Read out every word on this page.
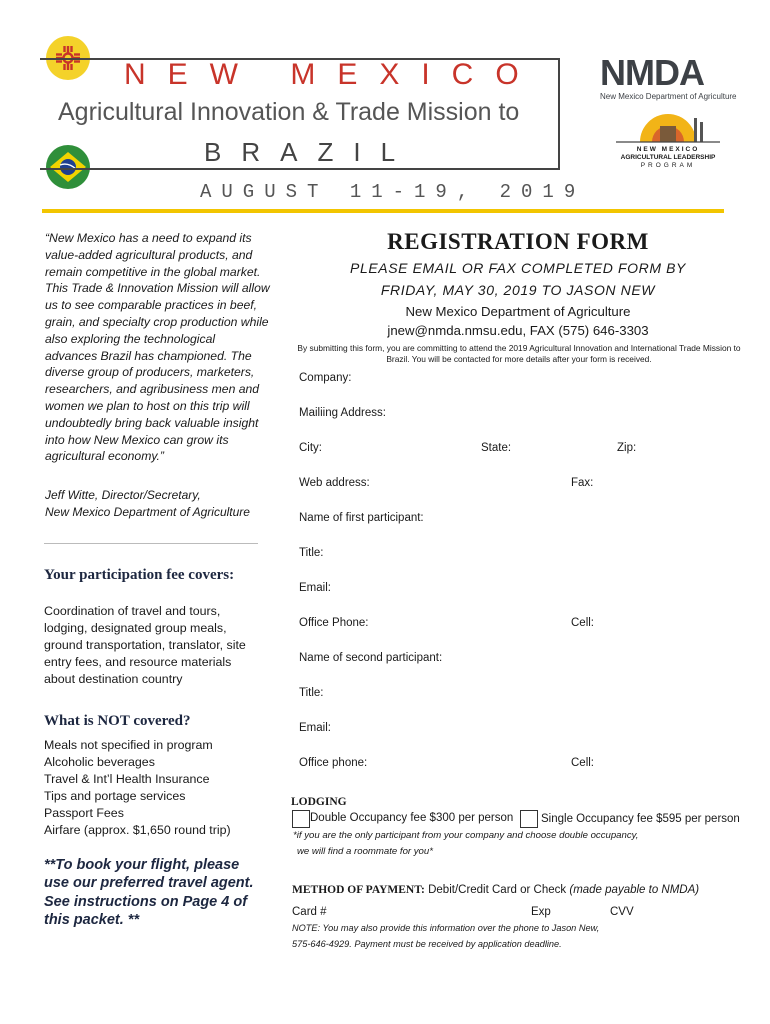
NEW MEXICO
Agricultural Innovation & Trade Mission to
BRAZIL
AUGUST 11-19, 2019
NMDA
New Mexico Department of Agriculture
NEW MEXICO
AGRICULTURAL LEADERSHIP
PROGRAM
“New Mexico has a need to expand its value-added agricultural products, and remain competitive in the global market. This Trade & Innovation Mission will allow us to see comparable practices in beef, grain, and specialty crop production while also exploring the technological advances Brazil has championed. The diverse group of producers, marketers, researchers, and agribusiness men and women we plan to host on this trip will undoubtedly bring back valuable insight into how New Mexico can grow its agricultural economy.”
Jeff Witte, Director/Secretary,
New Mexico Department of Agriculture
Your participation fee covers:
Coordination of travel and tours, lodging, designated group meals, ground transportation, translator, site entry fees, and resource materials about destination country
What is NOT covered?
Meals not specified in program
Alcoholic beverages
Travel & Int’l Health Insurance
Tips and portage services
Passport Fees
Airfare (approx. $1,650 round trip)
**To book your flight, please use our preferred travel agent. See instructions on Page 4 of this packet. **
REGISTRATION FORM
PLEASE EMAIL OR FAX COMPLETED FORM BY
FRIDAY, MAY 30, 2019 TO JASON NEW
New Mexico Department of Agriculture
jnew@nmda.nmsu.edu, FAX (575) 646-3303
By submitting this form, you are committing to attend the 2019 Agricultural Innovation and International Trade Mission to Brazil. You will be contacted for more details after your form is received.
Company:
Mailiing Address:
City:	State:	Zip:
Web address:	Fax:
Name of first participant:
Title:
Email:
Office Phone:	Cell:
Name of second participant:
Title:
Email:
Office phone:	Cell:
LODGING
Double Occupancy fee $300 per person Single Occupancy fee $595 per person
*if you are the only participant from your company and choose double occupancy,
we will find a roommate for you*
METHOD OF PAYMENT: Debit/Credit Card or Check (made payable to NMDA)
Card #	Exp	CVV
NOTE: You may also provide this information over the phone to Jason New,
575-646-4929. Payment must be received by application deadline.
